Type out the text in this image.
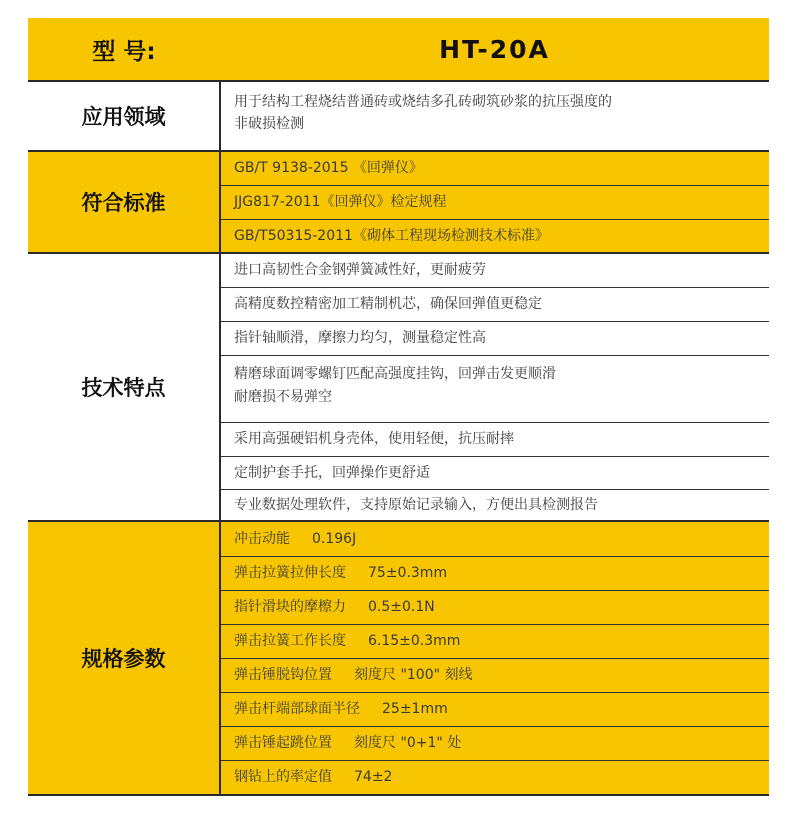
型 号:	HT-20A
应用领域
用于结构工程烧结普通砖或烧结多孔砖砌筑砂浆的抗压强度的
非破损检测
符合标准
GB/T 9138-2015 《回弹仪》
JJG817-2011《回弹仪》检定规程
GB/T50315-2011《砌体工程现场检测技术标准》
技术特点
进口高韧性合金钢弹簧减性好，更耐疲劳
高精度数控精密加工精制机芯，确保回弹值更稳定
指针轴顺滑，摩擦力均匀，测量稳定性高
精磨球面调零螺钉匹配高强度挂钩，回弹击发更顺滑
耐磨损不易弹空
采用高强硬铝机身壳体，使用轻便，抗压耐摔
定制护套手托，回弹操作更舒适
专业数据处理软件，支持原始记录输入，方便出具检测报告
规格参数
冲击动能 0.196J
弹击拉簧拉伸长度 75±0.3mm
指针滑块的摩檫力 0.5±0.1N
弹击拉簧工作长度 6.15±0.3mm
弹击锤脱钩位置 刻度尺 "100" 刻线
弹击杆端部球面半径 25±1mm
弹击锤起跳位置 刻度尺 "0+1" 处
钢钻上的率定值 74±2
